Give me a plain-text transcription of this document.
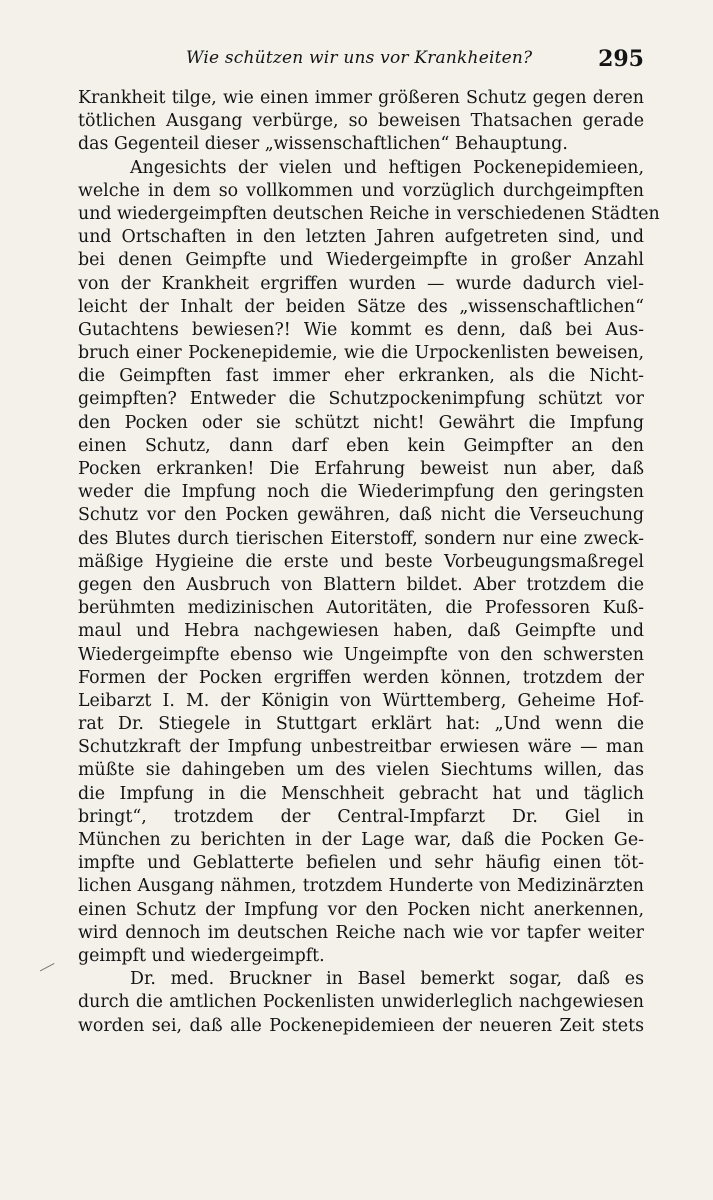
Wie schützen wir uns vor Krankheiten?	295
Krankheit tilge, wie einen immer größeren Schutz gegen deren
tötlichen Ausgang verbürge, so beweisen Thatsachen gerade
das Gegenteil dieser „wissenschaftlichen“ Behauptung.
Angesichts der vielen und heftigen Pockenepidemieen,
welche in dem so vollkommen und vorzüglich durchgeimpften
und wiedergeimpften deutschen Reiche in verschiedenen Städten
und Ortschaften in den letzten Jahren aufgetreten sind, und
bei denen Geimpfte und Wiedergeimpfte in großer Anzahl
von der Krankheit ergriffen wurden — wurde dadurch viel-
leicht der Inhalt der beiden Sätze des „wissenschaftlichen“
Gutachtens bewiesen?! Wie kommt es denn, daß bei Aus-
bruch einer Pockenepidemie, wie die Urpockenlisten beweisen,
die Geimpften fast immer eher erkranken, als die Nicht-
geimpften? Entweder die Schutzpockenimpfung schützt vor
den Pocken oder sie schützt nicht! Gewährt die Impfung
einen Schutz, dann darf eben kein Geimpfter an den
Pocken erkranken! Die Erfahrung beweist nun aber, daß
weder die Impfung noch die Wiederimpfung den geringsten
Schutz vor den Pocken gewähren, daß nicht die Verseuchung
des Blutes durch tierischen Eiterstoff, sondern nur eine zweck-
mäßige Hygieine die erste und beste Vorbeugungsmaßregel
gegen den Ausbruch von Blattern bildet. Aber trotzdem die
berühmten medizinischen Autoritäten, die Professoren Kuß-
maul und Hebra nachgewiesen haben, daß Geimpfte und
Wiedergeimpfte ebenso wie Ungeimpfte von den schwersten
Formen der Pocken ergriffen werden können, trotzdem der
Leibarzt I. M. der Königin von Württemberg, Geheime Hof-
rat Dr. Stiegele in Stuttgart erklärt hat: „Und wenn die
Schutzkraft der Impfung unbestreitbar erwiesen wäre — man
müßte sie dahingeben um des vielen Siechtums willen, das
die Impfung in die Menschheit gebracht hat und täglich
bringt“, trotzdem der Central-Impfarzt Dr. Giel in
München zu berichten in der Lage war, daß die Pocken Ge-
impfte und Geblatterte befielen und sehr häufig einen töt-
lichen Ausgang nähmen, trotzdem Hunderte von Medizinärzten
einen Schutz der Impfung vor den Pocken nicht anerkennen,
wird dennoch im deutschen Reiche nach wie vor tapfer weiter
geimpft und wiedergeimpft.
Dr. med. Bruckner in Basel bemerkt sogar, daß es
durch die amtlichen Pockenlisten unwiderleglich nachgewiesen
worden sei, daß alle Pockenepidemieen der neueren Zeit stets
